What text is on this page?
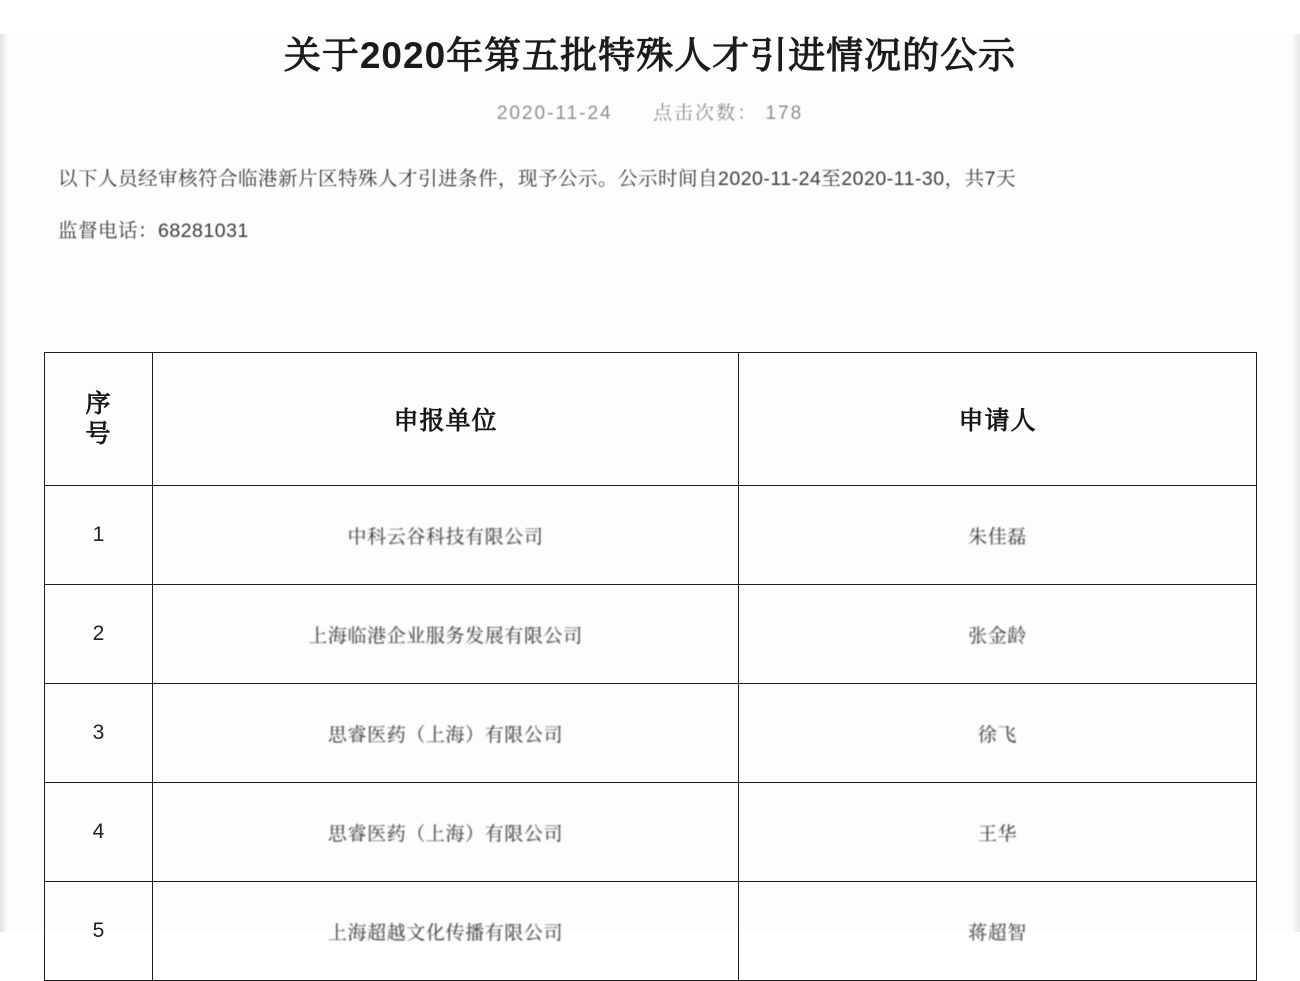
关于2020年第五批特殊人才引进情况的公示
2020-11-24 点击次数： 178

以下人员经审核符合临港新片区特殊人才引进条件，现予公示。公示时间自2020-11-24至2020-11-30，共7天

监督电话：68281031

序
号	申报单位	申请人
1	中科云谷科技有限公司	朱佳磊
2	上海临港企业服务发展有限公司	张金龄
3	思睿医药（上海）有限公司	徐飞
4	思睿医药（上海）有限公司	王华
5	上海超越文化传播有限公司	蒋超智
